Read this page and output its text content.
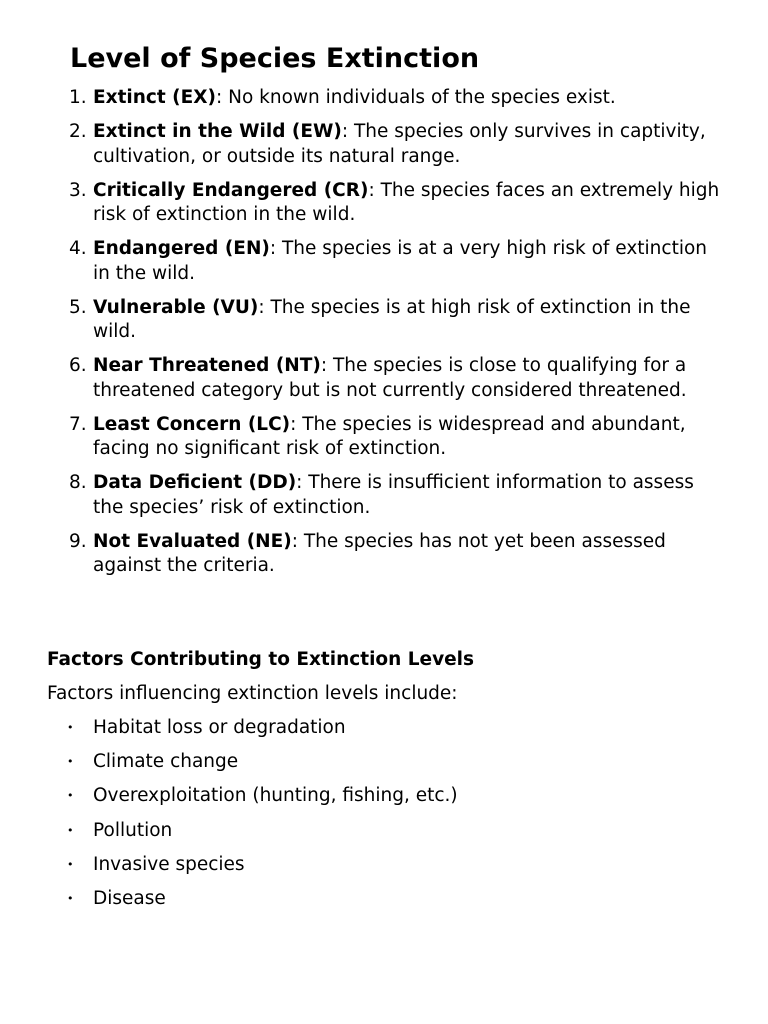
Level of Species Extinction
1. Extinct (EX): No known individuals of the species exist.
2. Extinct in the Wild (EW): The species only survives in captivity, cultivation, or outside its natural range.
3. Critically Endangered (CR): The species faces an extremely high risk of extinction in the wild.
4. Endangered (EN): The species is at a very high risk of extinction in the wild.
5. Vulnerable (VU): The species is at high risk of extinction in the wild.
6. Near Threatened (NT): The species is close to qualifying for a threatened category but is not currently considered threatened.
7. Least Concern (LC): The species is widespread and abundant, facing no significant risk of extinction.
8. Data Deficient (DD): There is insufficient information to assess the species’ risk of extinction.
9. Not Evaluated (NE): The species has not yet been assessed against the criteria.
Factors Contributing to Extinction Levels

Factors influencing extinction levels include:

• Habitat loss or degradation
• Climate change
• Overexploitation (hunting, fishing, etc.)
• Pollution
• Invasive species
• Disease
